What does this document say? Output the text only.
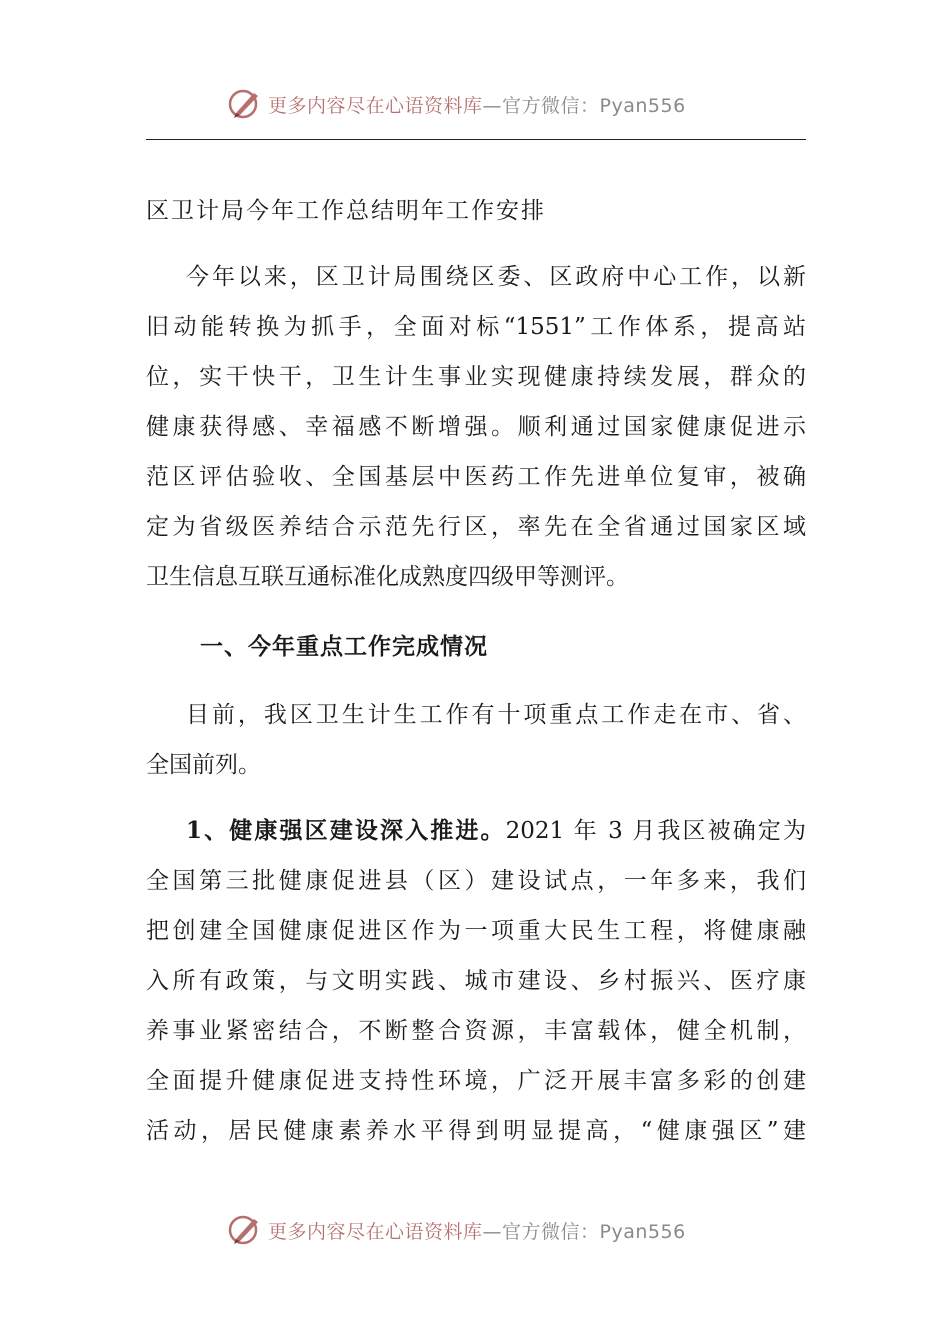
更多内容尽在心语资料库—官方微信：Pyan556
区卫计局今年工作总结明年工作安排
今年以来，区卫计局围绕区委、区政府中心工作，以新
旧动能转换为抓手，全面对标“1551”工作体系，提高站
位，实干快干，卫生计生事业实现健康持续发展，群众的
健康获得感、幸福感不断增强。顺利通过国家健康促进示
范区评估验收、全国基层中医药工作先进单位复审，被确
定为省级医养结合示范先行区，率先在全省通过国家区域
卫生信息互联互通标准化成熟度四级甲等测评。
一、今年重点工作完成情况
目前，我区卫生计生工作有十项重点工作走在市、省、
全国前列。
1、健康强区建设深入推进。2021 年 3 月我区被确定为
全国第三批健康促进县（区）建设试点，一年多来，我们
把创建全国健康促进区作为一项重大民生工程，将健康融
入所有政策，与文明实践、城市建设、乡村振兴、医疗康
养事业紧密结合，不断整合资源，丰富载体，健全机制，
全面提升健康促进支持性环境，广泛开展丰富多彩的创建
活动，居民健康素养水平得到明显提高，“健康强区”建
更多内容尽在心语资料库—官方微信：Pyan556
